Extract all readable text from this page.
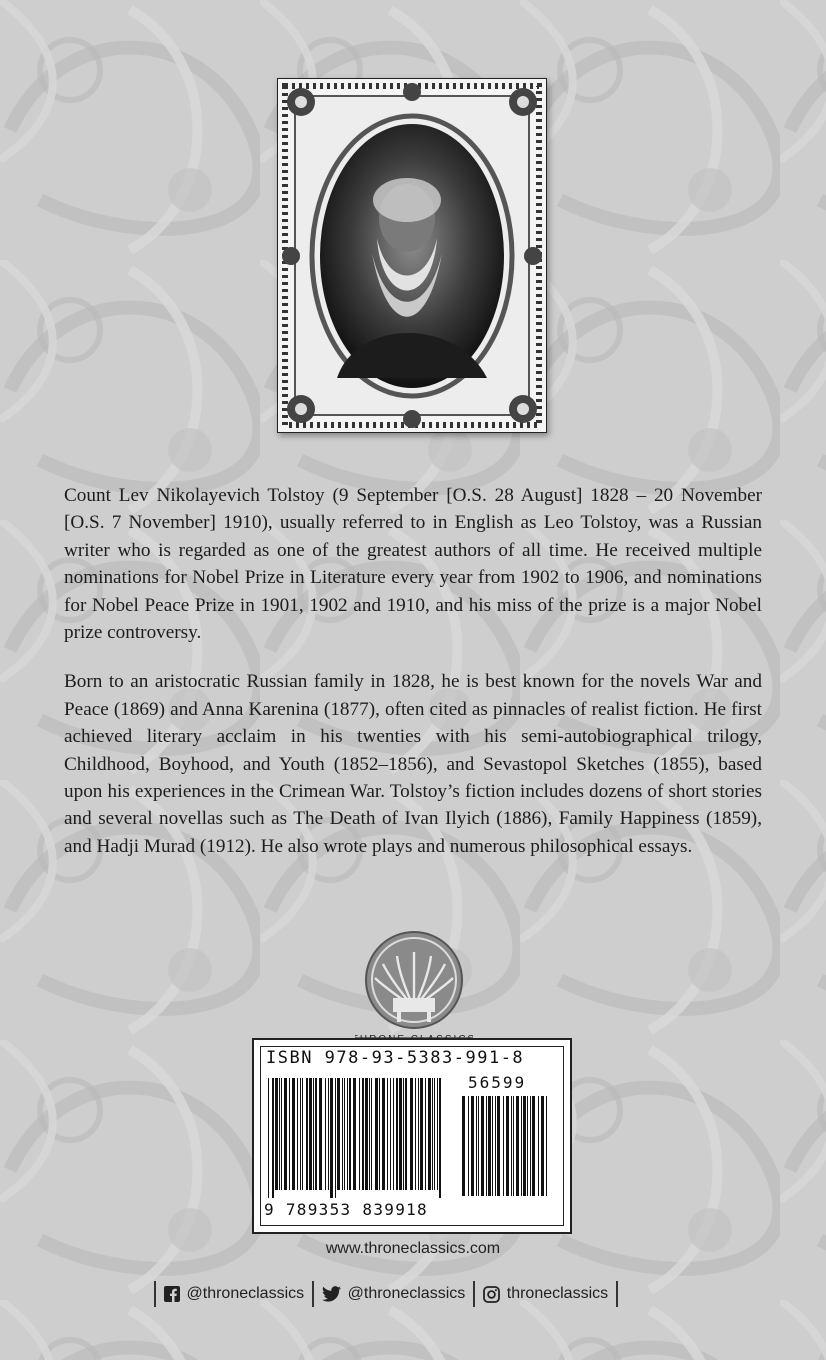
Count Lev Nikolayevich Tolstoy (9 September [O.S. 28 August] 1828 – 20 November [O.S. 7 November] 1910), usually referred to in English as Leo Tolstoy, was a Russian writer who is regarded as one of the greatest authors of all time. He received multiple nominations for Nobel Prize in Literature every year from 1902 to 1906, and nominations for Nobel Peace Prize in 1901, 1902 and 1910, and his miss of the prize is a major Nobel prize controversy.

Born to an aristocratic Russian family in 1828, he is best known for the novels War and Peace (1869) and Anna Karenina (1877), often cited as pinnacles of realist fiction. He first achieved literary acclaim in his twenties with his semi-autobiographical trilogy, Childhood, Boyhood, and Youth (1852–1856), and Sevastopol Sketches (1855), based upon his experiences in the Crimean War. Tolstoy’s fiction includes dozens of short stories and several novellas such as The Death of Ivan Ilyich (1886), Family Happiness (1859), and Hadji Murad (1912). He also wrote plays and numerous philosophical essays.

ISBN 978-93-5383-991-8
56599
9 789353 839918
www.throneclassics.com
@throneclassics	@throneclassics	throneclassics
